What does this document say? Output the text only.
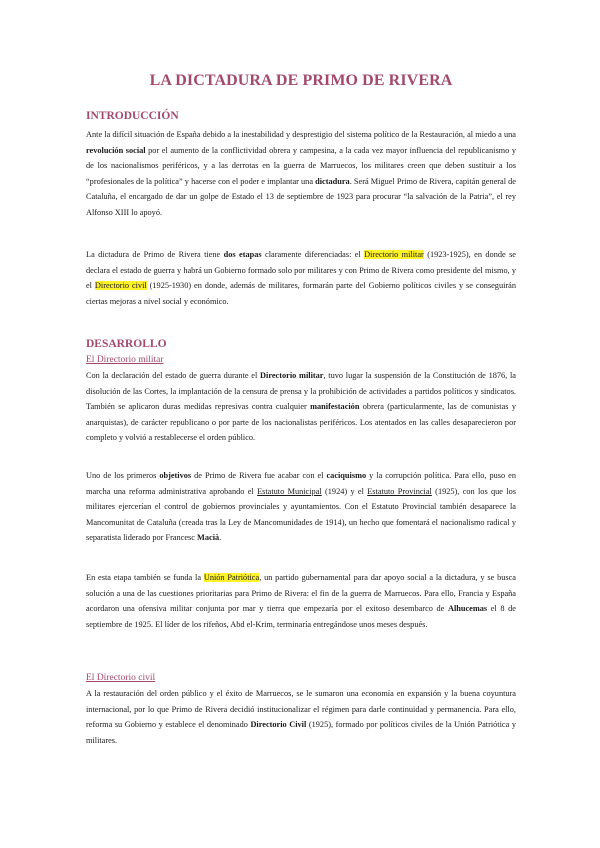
LA DICTADURA DE PRIMO DE RIVERA
INTRODUCCIÓN
Ante la difícil situación de España debido a la inestabilidad y desprestigio del sistema político de la Restauración, al miedo a una revolución social por el aumento de la conflictividad obrera y campesina, a la cada vez mayor influencia del republicanismo y de los nacionalismos periféricos, y a las derrotas en la guerra de Marruecos, los militares creen que deben sustituir a los “profesionales de la política” y hacerse con el poder e implantar una dictadura. Será Miguel Primo de Rivera, capitán general de Cataluña, el encargado de dar un golpe de Estado el 13 de septiembre de 1923 para procurar “la salvación de la Patria”, el rey Alfonso XIII lo apoyó.
La dictadura de Primo de Rivera tiene dos etapas claramente diferenciadas: el Directorio militar (1923-1925), en donde se declara el estado de guerra y habrá un Gobierno formado solo por militares y con Primo de Rivera como presidente del mismo, y el Directorio civil (1925-1930) en donde, además de militares, formarán parte del Gobierno políticos civiles y se conseguirán ciertas mejoras a nivel social y económico.
DESARROLLO
El Directorio militar
Con la declaración del estado de guerra durante el Directorio militar, tuvo lugar la suspensión de la Constitución de 1876, la disolución de las Cortes, la implantación de la censura de prensa y la prohibición de actividades a partidos políticos y sindicatos. También se aplicaron duras medidas represivas contra cualquier manifestación obrera (particularmente, las de comunistas y anarquistas), de carácter republicano o por parte de los nacionalistas periféricos. Los atentados en las calles desaparecieron por completo y volvió a restablecerse el orden público.
Uno de los primeros objetivos de Primo de Rivera fue acabar con el caciquismo y la corrupción política. Para ello, puso en marcha una reforma administrativa aprobando el Estatuto Municipal (1924) y el Estatuto Provincial (1925), con los que los militares ejercerían el control de gobiernos provinciales y ayuntamientos. Con el Estatuto Provincial también desaparece la Mancomunitat de Cataluña (creada tras la Ley de Mancomunidades de 1914), un hecho que fomentará el nacionalismo radical y separatista liderado por Francesc Macià.
En esta etapa también se funda la Unión Patriótica, un partido gubernamental para dar apoyo social a la dictadura, y se busca solución a una de las cuestiones prioritarias para Primo de Rivera: el fin de la guerra de Marruecos. Para ello, Francia y España acordaron una ofensiva militar conjunta por mar y tierra que empezaría por el exitoso desembarco de Alhucemas el 8 de septiembre de 1925. El líder de los rifeños, Abd el-Krim, terminaría entregándose unos meses después.
El Directorio civil
A la restauración del orden público y el éxito de Marruecos, se le sumaron una economía en expansión y la buena coyuntura internacional, por lo que Primo de Rivera decidió institucionalizar el régimen para darle continuidad y permanencia. Para ello, reforma su Gobierno y establece el denominado Directorio Civil (1925), formado por políticos civiles de la Unión Patriótica y militares.
